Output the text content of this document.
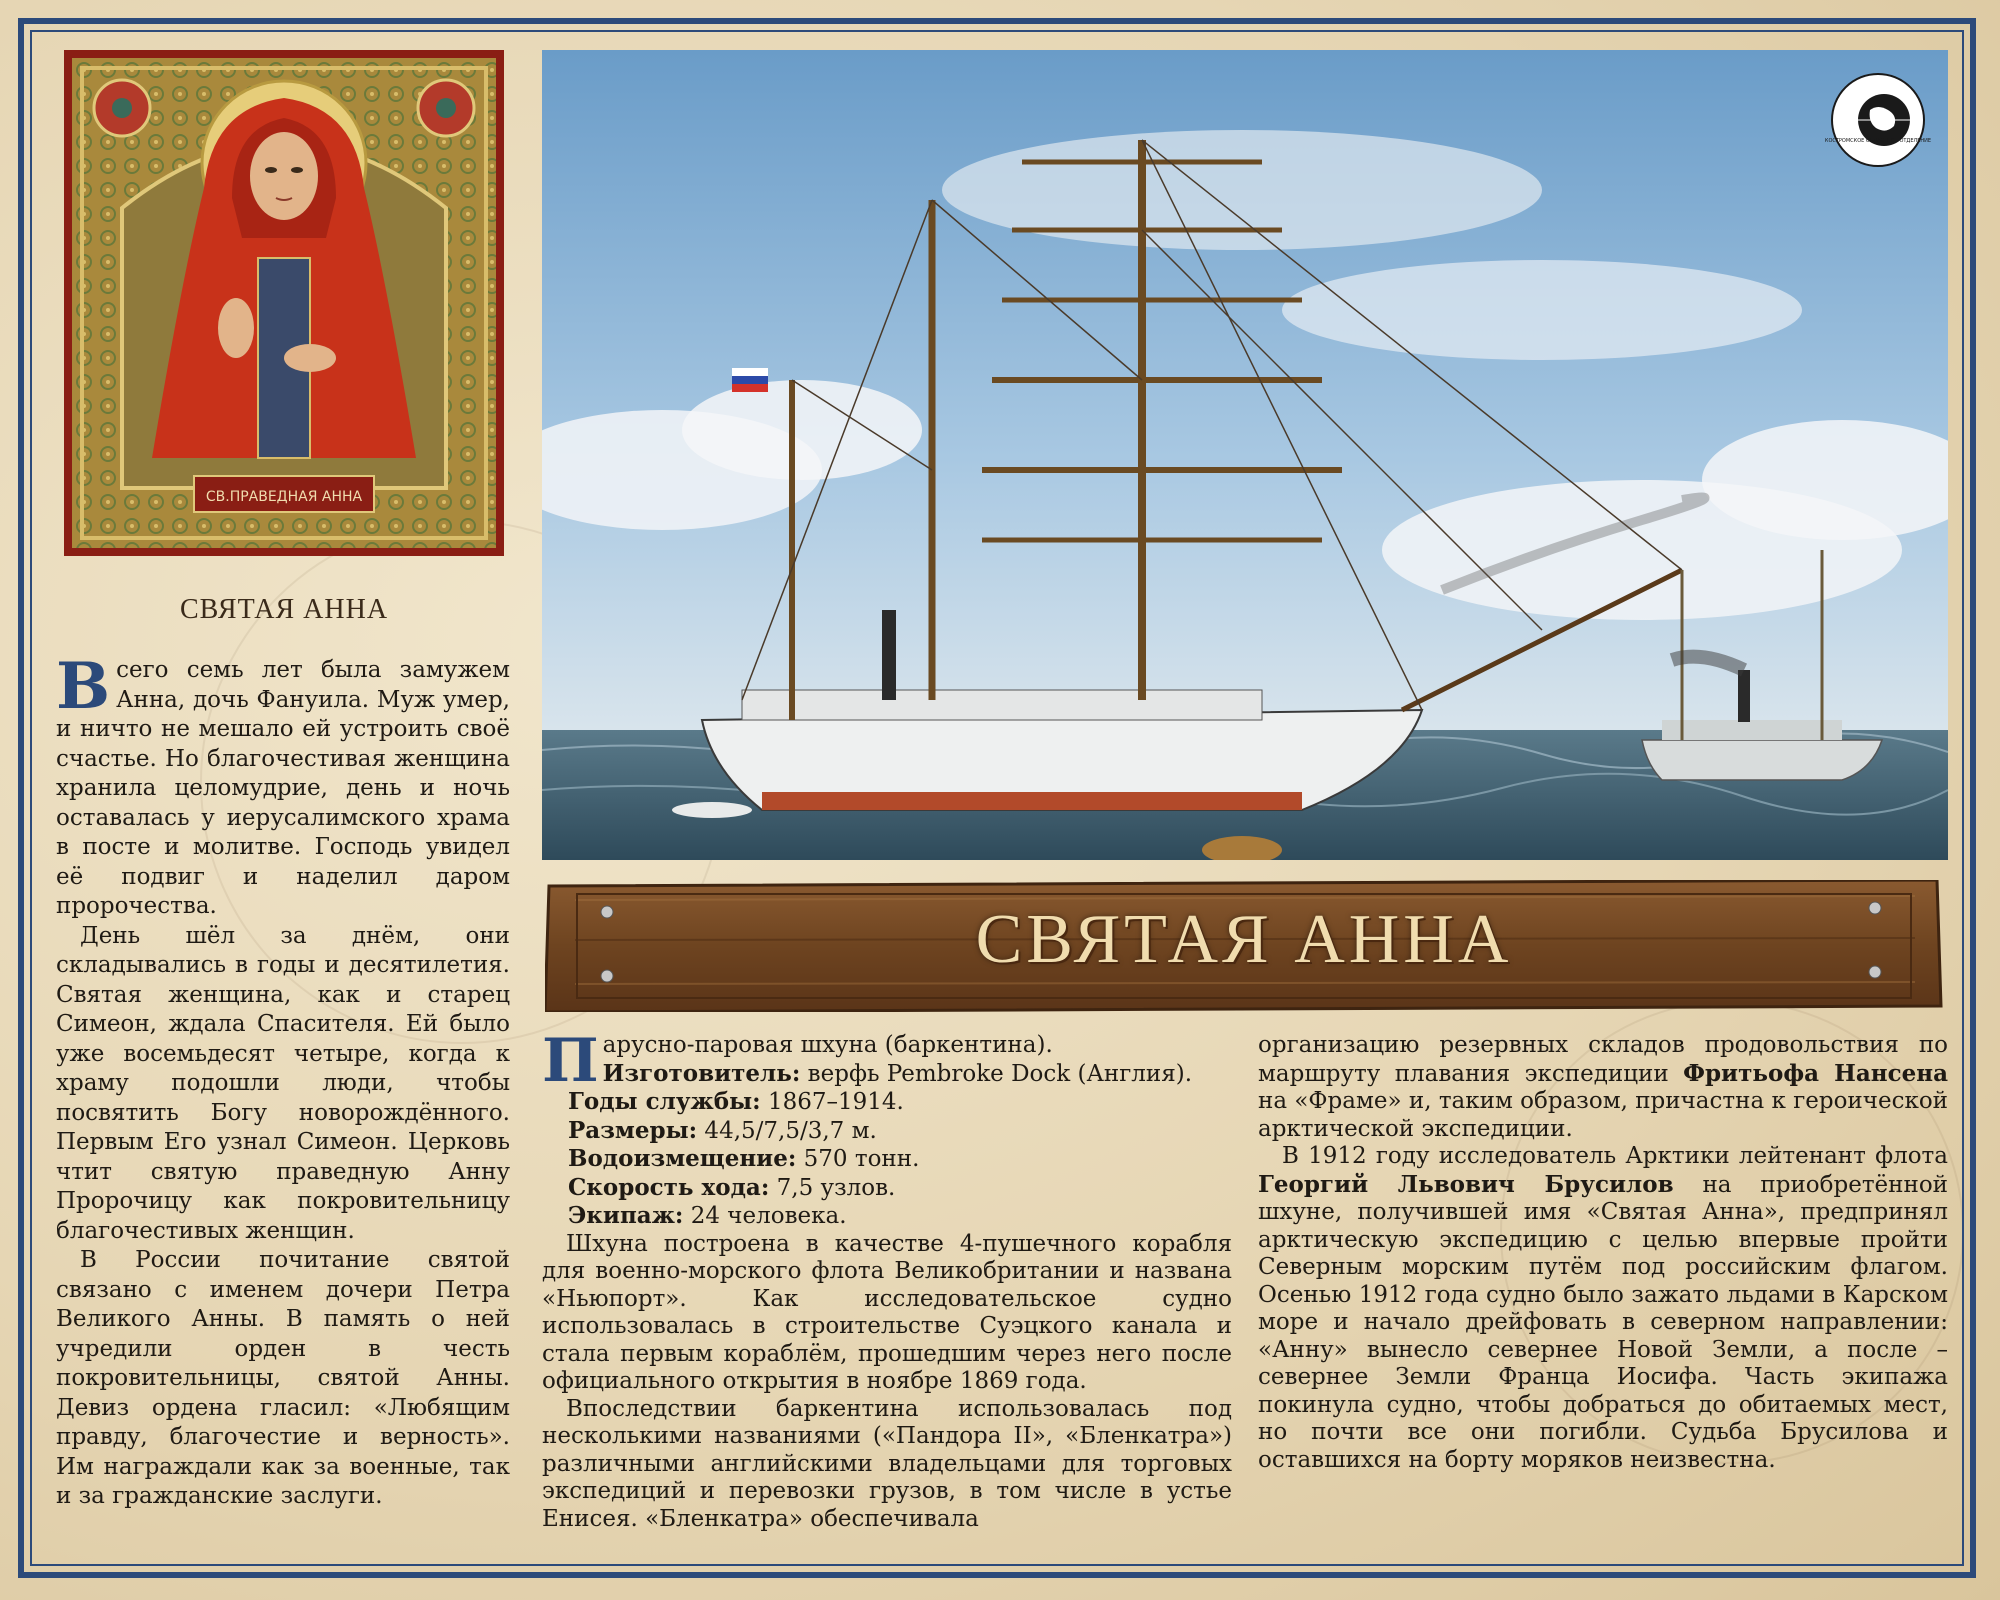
СВ.ПРАВЕДНАЯ АННА
СВЯТАЯ АННА

Всего семь лет была замужем Анна, дочь Фануила. Муж умер, и ничто не мешало ей устроить своё счастье. Но благочестивая женщина хранила целомудрие, день и ночь оставалась у иерусалимского храма в посте и молитве. Господь увидел её подвиг и наделил даром пророчества.

День шёл за днём, они складывались в годы и десятилетия. Святая женщина, как и старец Симеон, ждала Спасителя. Ей было уже восемьдесят четыре, когда к храму подошли люди, чтобы посвятить Богу новорождённого. Первым Его узнал Симеон. Церковь чтит святую праведную Анну Пророчицу как покровительницу благочестивых женщин.

В России почитание святой связано с именем дочери Петра Великого Анны. В память о ней учредили орден в честь покровительницы, святой Анны. Девиз ордена гласил: «Любящим правду, благочестие и верность». Им награждали как за военные, так и за гражданские заслуги.

КОСТРОМСКОЕ ОБЛАСТНОЕ ОТДЕЛЕНИЕ
СВЯТАЯ АННА

Парусно-паровая шхуна (баркентина).

Изготовитель: верфь Pembroke Dock (Англия).
Годы службы: 1867–1914.
Размеры: 44,5/7,5/3,7 м.
Водоизмещение: 570 тонн.
Скорость хода: 7,5 узлов.
Экипаж: 24 человека.

Шхуна построена в качестве 4-пушечного корабля для военно-морского флота Великобритании и названа «Ньюпорт». Как исследовательское судно использовалась в строительстве Суэцкого канала и стала первым кораблём, прошедшим через него после официального открытия в ноябре 1869 года.

Впоследствии баркентина использовалась под несколькими названиями («Пандора II», «Бленкатра») различными английскими владельцами для торговых экспедиций и перевозки грузов, в том числе в устье Енисея. «Бленкатра» обеспечивала

организацию резервных складов продовольствия по маршруту плавания экспедиции Фритьофа Нансена на «Фраме» и, таким образом, причастна к героической арктической экспедиции.

В 1912 году исследователь Арктики лейтенант флота Георгий Львович Брусилов на приобретённой шхуне, получившей имя «Святая Анна», предпринял арктическую экспедицию с целью впервые пройти Северным морским путём под российским флагом. Осенью 1912 года судно было зажато льдами в Карском море и начало дрейфовать в северном направлении: «Анну» вынесло севернее Новой Земли, а после – севернее Земли Франца Иосифа. Часть экипажа покинула судно, чтобы добраться до обитаемых мест, но почти все они погибли. Судьба Брусилова и оставшихся на борту моряков неизвестна.
